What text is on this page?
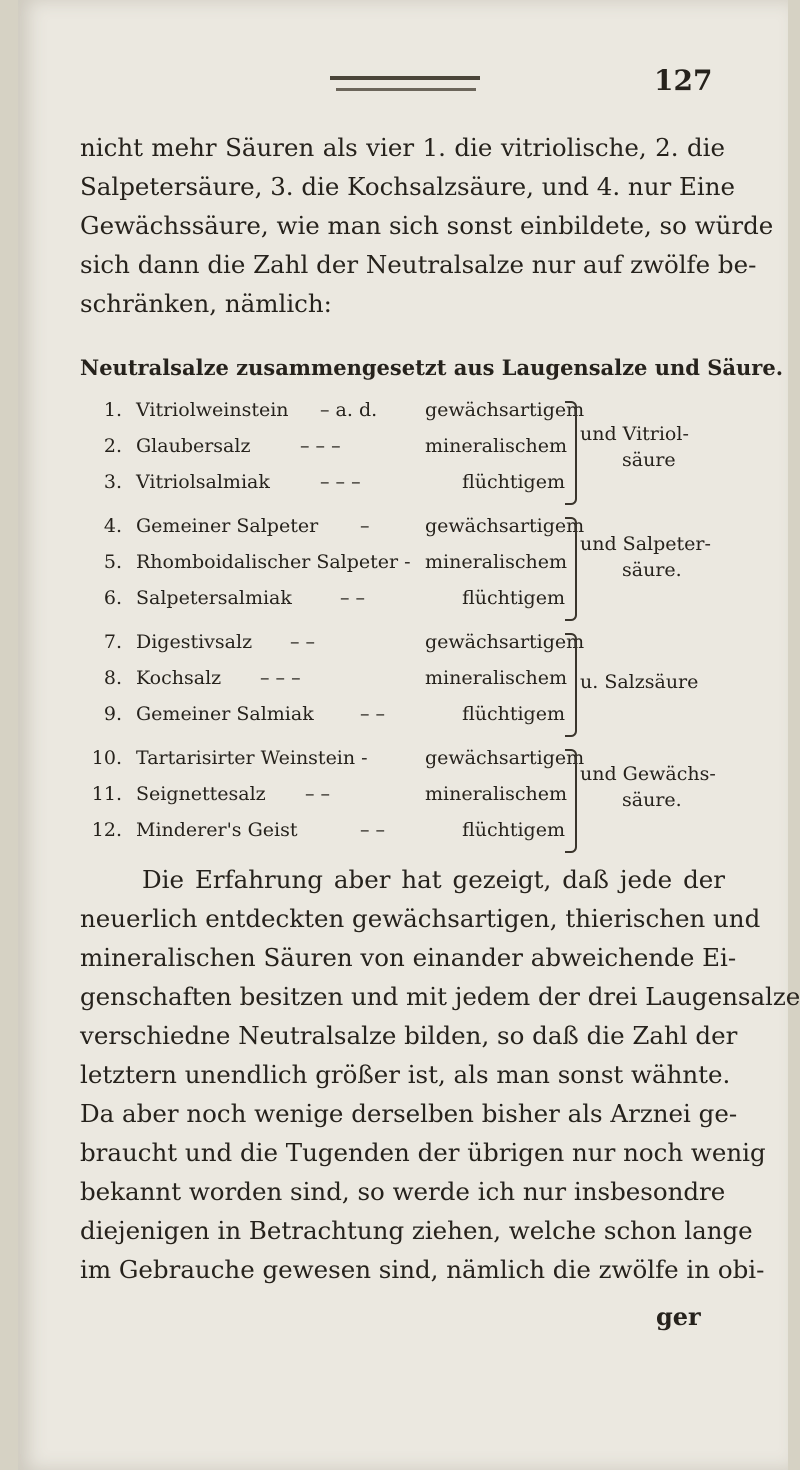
127
nicht mehr Säuren als vier 1. die vitriolische, 2. die
Salpetersäure, 3. die Kochsalzsäure, und 4. nur Eine
Gewächssäure, wie man sich sonst einbildete, so würde
sich dann die Zahl der Neutralsalze nur auf zwölfe be-
schränken, nämlich:
Neutralsalze zusammengesetzt aus Laugensalze und Säure.
1. Vitriolweinstein – a. d.	gewächsartigem
2. Glaubersalz	– – –	mineralischem
3. Vitriolsalmiak	– – –	flüchtigem
4. Gemeiner Salpeter –	gewächsartigem
5. Rhomboidalischer Salpeter - mineralischem
6. Salpetersalmiak	– –	flüchtigem
7. Digestivsalz – –	gewächsartigem
8. Kochsalz – – –	mineralischem
9. Gemeiner Salmiak – –	flüchtigem
10. Tartarisirter Weinstein -	gewächsartigem
11. Seignettesalz – –	mineralischem
12. Minderer's Geist	– –	flüchtigem
und Vitriol-
säure
und Salpeter-
säure.
u. Salzsäure
und Gewächs-
säure.
Die Erfahrung aber hat gezeigt, daß jede der
neuerlich entdeckten gewächsartigen, thierischen und
mineralischen Säuren von einander abweichende Ei-
genschaften besitzen und mit jedem der drei Laugensalze
verschiedne Neutralsalze bilden, so daß die Zahl der
letztern unendlich größer ist, als man sonst wähnte.
Da aber noch wenige derselben bisher als Arznei ge-
braucht und die Tugenden der übrigen nur noch wenig
bekannt worden sind, so werde ich nur insbesondre
diejenigen in Betrachtung ziehen, welche schon lange
im Gebrauche gewesen sind, nämlich die zwölfe in obi-
ger
